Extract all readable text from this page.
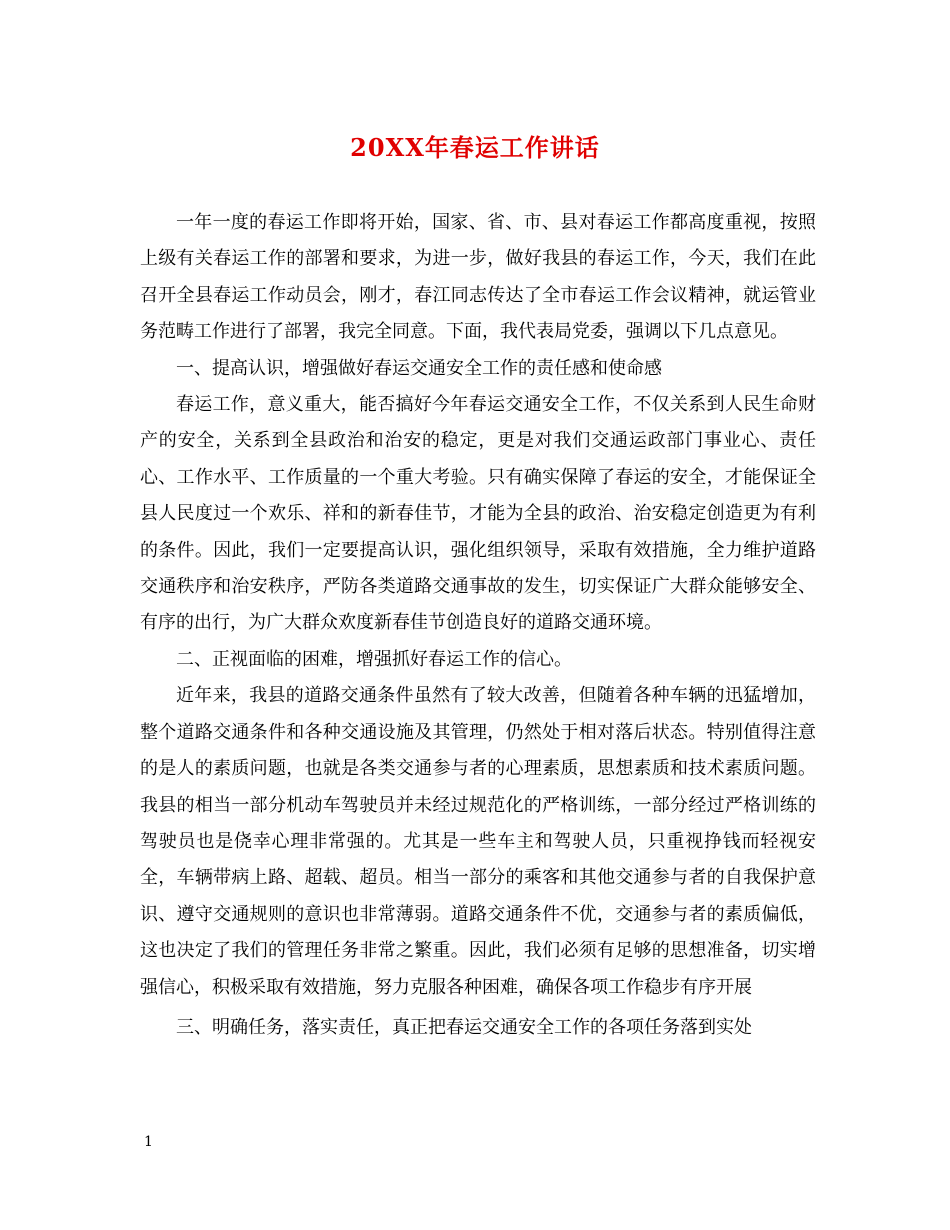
20XX年春运工作讲话

一年一度的春运工作即将开始，国家、省、市、县对春运工作都高度重视，按照上级有关春运工作的部署和要求，为进一步，做好我县的春运工作，今天，我们在此召开全县春运工作动员会，刚才，春江同志传达了全市春运工作会议精神，就运管业务范畴工作进行了部署，我完全同意。下面，我代表局党委，强调以下几点意见。

一、提高认识，增强做好春运交通安全工作的责任感和使命感

春运工作，意义重大，能否搞好今年春运交通安全工作，不仅关系到人民生命财产的安全，关系到全县政治和治安的稳定，更是对我们交通运政部门事业心、责任心、工作水平、工作质量的一个重大考验。只有确实保障了春运的安全，才能保证全县人民度过一个欢乐、祥和的新春佳节，才能为全县的政治、治安稳定创造更为有利的条件。因此，我们一定要提高认识，强化组织领导，采取有效措施，全力维护道路交通秩序和治安秩序，严防各类道路交通事故的发生，切实保证广大群众能够安全、有序的出行，为广大群众欢度新春佳节创造良好的道路交通环境。

二、正视面临的困难，增强抓好春运工作的信心。

近年来，我县的道路交通条件虽然有了较大改善，但随着各种车辆的迅猛增加，整个道路交通条件和各种交通设施及其管理，仍然处于相对落后状态。特别值得注意的是人的素质问题，也就是各类交通参与者的心理素质，思想素质和技术素质问题。我县的相当一部分机动车驾驶员并未经过规范化的严格训练，一部分经过严格训练的驾驶员也是侥幸心理非常强的。尤其是一些车主和驾驶人员，只重视挣钱而轻视安全，车辆带病上路、超载、超员。相当一部分的乘客和其他交通参与者的自我保护意识、遵守交通规则的意识也非常薄弱。道路交通条件不优，交通参与者的素质偏低，这也决定了我们的管理任务非常之繁重。因此，我们必须有足够的思想准备，切实增强信心，积极采取有效措施，努力克服各种困难，确保各项工作稳步有序开展

三、明确任务，落实责任，真正把春运交通安全工作的各项任务落到实处

1
